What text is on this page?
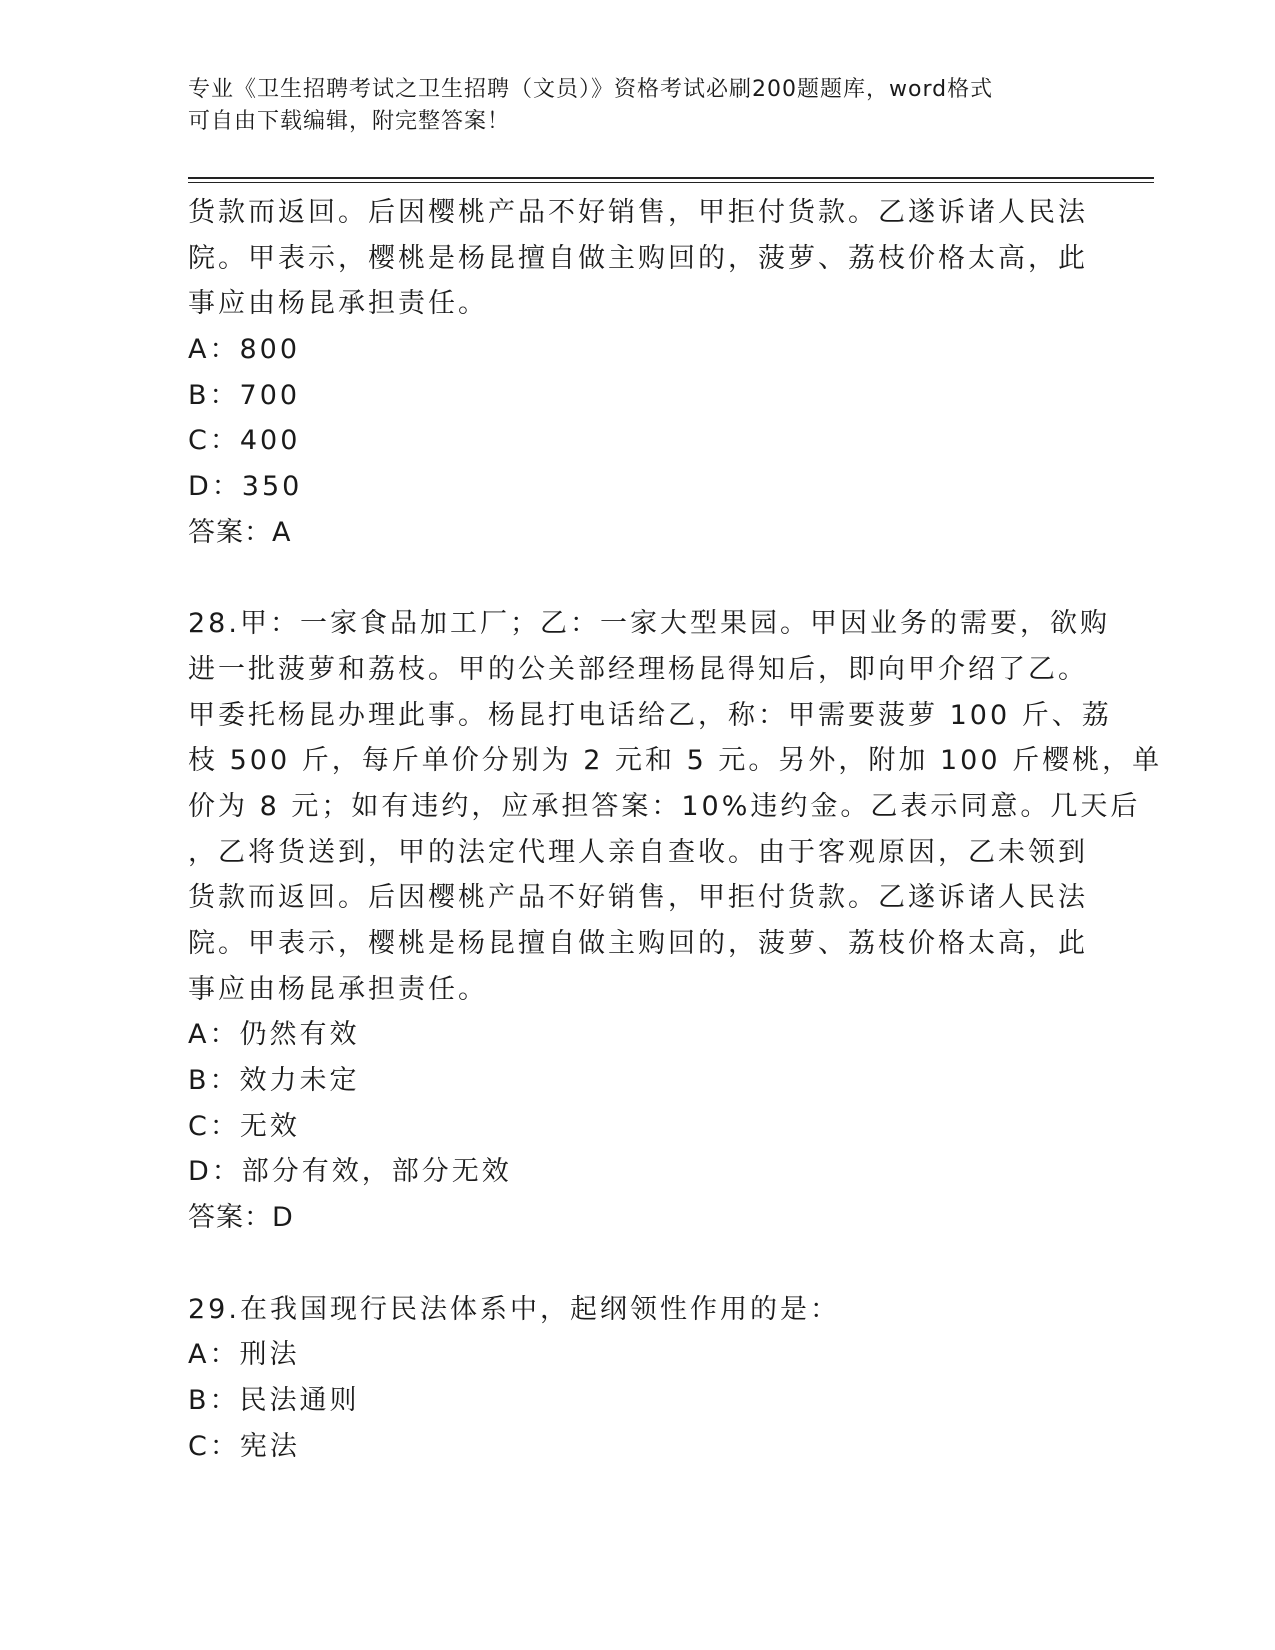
专业《卫生招聘考试之卫生招聘（文员）》资格考试必刷200题题库，word格式
可自由下载编辑，附完整答案！
货款而返回。后因樱桃产品不好销售，甲拒付货款。乙遂诉诸人民法
院。甲表示，樱桃是杨昆擅自做主购回的，菠萝、荔枝价格太高，此
事应由杨昆承担责任。
A：800
B：700
C：400
D：350
答案：A
28.甲：一家食品加工厂；乙：一家大型果园。甲因业务的需要，欲购
进一批菠萝和荔枝。甲的公关部经理杨昆得知后，即向甲介绍了乙。
甲委托杨昆办理此事。杨昆打电话给乙，称：甲需要菠萝 100 斤、荔
枝 500 斤，每斤单价分别为 2 元和 5 元。另外，附加 100 斤樱桃，单
价为 8 元；如有违约，应承担答案：10%违约金。乙表示同意。几天后
，乙将货送到，甲的法定代理人亲自查收。由于客观原因，乙未领到
货款而返回。后因樱桃产品不好销售，甲拒付货款。乙遂诉诸人民法
院。甲表示，樱桃是杨昆擅自做主购回的，菠萝、荔枝价格太高，此
事应由杨昆承担责任。
A：仍然有效
B：效力未定
C：无效
D：部分有效，部分无效
答案：D
29.在我国现行民法体系中，起纲领性作用的是：
A：刑法
B：民法通则
C：宪法
